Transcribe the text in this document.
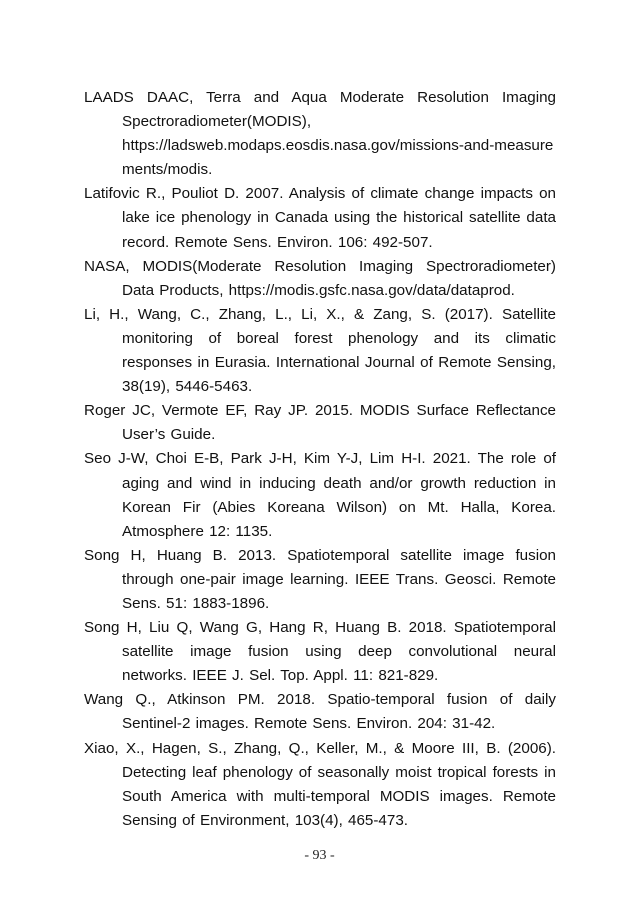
LAADS DAAC, Terra and Aqua Moderate Resolution Imaging Spectroradiometer(MODIS),
https://ladsweb.modaps.eosdis.nasa.gov/missions-and-measurements/modis.
Latifovic R., Pouliot D. 2007. Analysis of climate change impacts on lake ice phenology in Canada using the historical satellite data record. Remote Sens. Environ. 106: 492-507.
NASA, MODIS(Moderate Resolution Imaging Spectroradiometer) Data Products, https://modis.gsfc.nasa.gov/data/dataprod.
Li, H., Wang, C., Zhang, L., Li, X., & Zang, S. (2017). Satellite monitoring of boreal forest phenology and its climatic responses in Eurasia. International Journal of Remote Sensing, 38(19), 5446-5463.
Roger JC, Vermote EF, Ray JP. 2015. MODIS Surface Reflectance User’s Guide.
Seo J-W, Choi E-B, Park J-H, Kim Y-J, Lim H-I. 2021. The role of aging and wind in inducing death and/or growth reduction in Korean Fir (Abies Koreana Wilson) on Mt. Halla, Korea. Atmosphere 12: 1135.
Song H, Huang B. 2013. Spatiotemporal satellite image fusion through one-pair image learning. IEEE Trans. Geosci. Remote Sens. 51: 1883-1896.
Song H, Liu Q, Wang G, Hang R, Huang B. 2018. Spatiotemporal satellite image fusion using deep convolutional neural networks. IEEE J. Sel. Top. Appl. 11: 821-829.
Wang Q., Atkinson PM. 2018. Spatio-temporal fusion of daily Sentinel-2 images. Remote Sens. Environ. 204: 31-42.
Xiao, X., Hagen, S., Zhang, Q., Keller, M., & Moore III, B. (2006). Detecting leaf phenology of seasonally moist tropical forests in South America with multi-temporal MODIS images. Remote Sensing of Environment, 103(4), 465-473.
- 93 -
